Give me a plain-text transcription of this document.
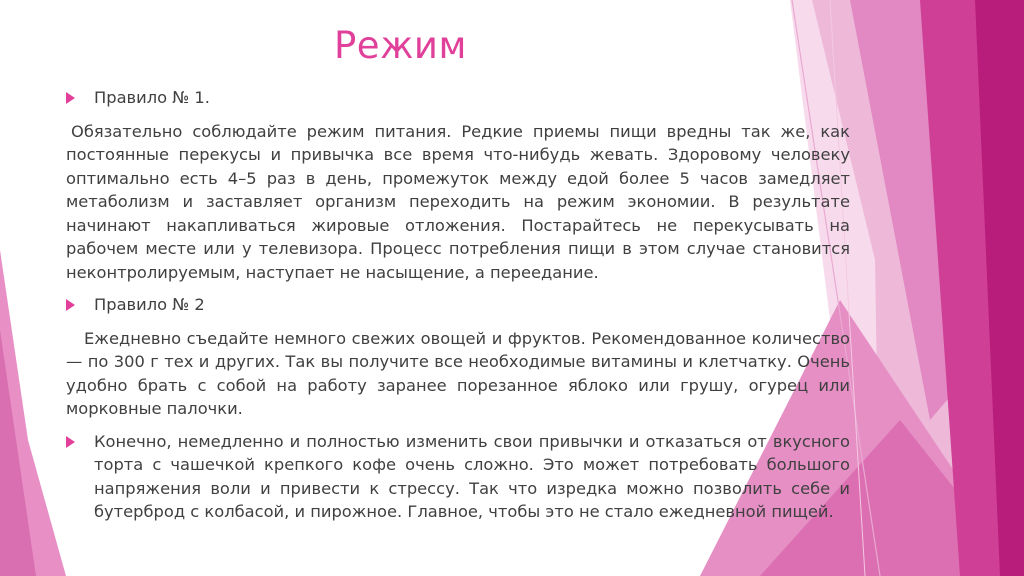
Режим
Правило № 1.

Обязательно соблюдайте режим питания. Редкие приемы пищи вредны так же, как постоянные перекусы и привычка все время что-нибудь жевать. Здоровому человеку оптимально есть 4–5 раз в день, промежуток между едой более 5 часов замедляет метаболизм и заставляет организм переходить на режим экономии. В результате начинают накапливаться жировые отложения. Постарайтесь не перекусывать на рабочем месте или у телевизора. Процесс потребления пищи в этом случае становится неконтролируемым, наступает не насыщение, а переедание.

Правило № 2

Ежедневно съедайте немного свежих овощей и фруктов. Рекомендованное количество — по 300 г тех и других. Так вы получите все необходимые витамины и клетчатку. Очень удобно брать с собой на работу заранее порезанное яблоко или грушу, огурец или морковные палочки.

Конечно, немедленно и полностью изменить свои привычки и отказаться от вкусного торта с чашечкой крепкого кофе очень сложно. Это может потребовать большого напряжения воли и привести к стрессу. Так что изредка можно позволить себе и бутерброд с колбасой, и пирожное. Главное, чтобы это не стало ежедневной пищей.
